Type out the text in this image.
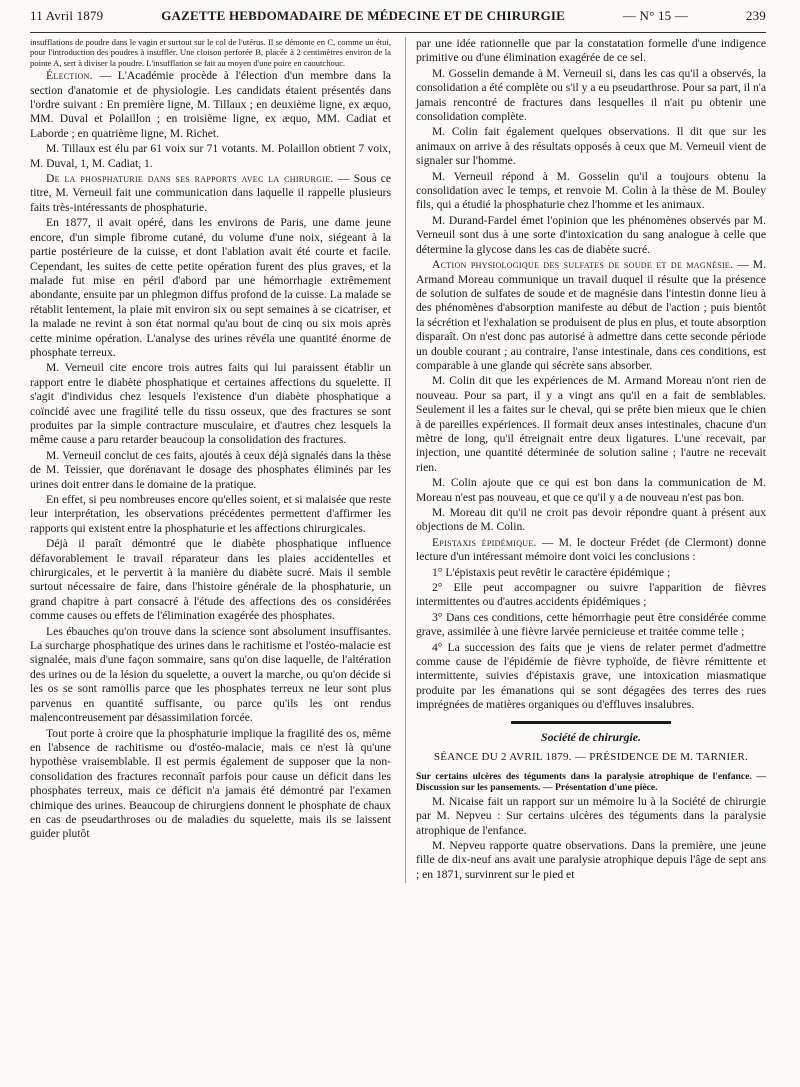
11 Avril 1879	GAZETTE HEBDOMADAIRE DE MÉDECINE ET DE CHIRURGIE	— N° 15 —	239

insufflations de poudre dans le vagin et surtout sur le col de l'utérus. Il se démonte en C, comme un étui, pour l'introduction des poudres à insuffler. Une cloison perforée B, placée à 2 centimètres environ de la pointe A, sert à diviser la poudre. L'insufflation se fait au moyen d'une poire en caoutchouc.

Élection. — L'Académie procède à l'élection d'un membre dans la section d'anatomie et de physiologie. Les candidats étaient présentés dans l'ordre suivant : En première ligne, M. Tillaux ; en deuxième ligne, ex æquo, MM. Duval et Polaillon ; en troisième ligne, ex æquo, MM. Cadiat et Laborde ; en quatrième ligne, M. Richet.

M. Tillaux est élu par 61 voix sur 71 votants. M. Polaillon obtient 7 voix, M. Duval, 1, M. Cadiat, 1.

De la phosphaturie dans ses rapports avec la chirurgie. — Sous ce titre, M. Verneuil fait une communication dans laquelle il rappelle plusieurs faits très-intéressants de phosphaturie.

En 1877, il avait opéré, dans les environs de Paris, une dame jeune encore, d'un simple fibrome cutané, du volume d'une noix, siégeant à la partie postérieure de la cuisse, et dont l'ablation avait été courte et facile. Cependant, les suites de cette petite opération furent des plus graves, et la malade fut mise en péril d'abord par une hémorrhagie extrêmement abondante, ensuite par un phlegmon diffus profond de la cuisse. La malade se rétablit lentement, la plaie mit environ six ou sept semaines à se cicatriser, et la malade ne revint à son état normal qu'au bout de cinq ou six mois après cette minime opération. L'analyse des urines révéla une quantité énorme de phosphate terreux.

M. Verneuil cite encore trois autres faits qui lui paraissent établir un rapport entre le diabète phosphatique et certaines affections du squelette. Il s'agit d'individus chez lesquels l'existence d'un diabète phosphatique a coïncidé avec une fragilité telle du tissu osseux, que des fractures se sont produites par la simple contracture musculaire, et d'autres chez lesquels la même cause a paru retarder beaucoup la consolidation des fractures.

M. Verneuil conclut de ces faits, ajoutés à ceux déjà signalés dans la thèse de M. Teissier, que dorénavant le dosage des phosphates éliminés par les urines doit entrer dans le domaine de la pratique.

En effet, si peu nombreuses encore qu'elles soient, et si malaisée que reste leur interprétation, les observations précédentes permettent d'affirmer les rapports qui existent entre la phosphaturie et les affections chirurgicales.

Déjà il paraît démontré que le diabète phosphatique influence défavorablement le travail réparateur dans les plaies accidentelles et chirurgicales, et le pervertit à la manière du diabète sucré. Mais il semble surtout nécessaire de faire, dans l'histoire générale de la phosphaturie, un grand chapitre à part consacré à l'étude des affections des os considérées comme causes ou effets de l'élimination exagérée des phosphates.

Les ébauches qu'on trouve dans la science sont absolument insuffisantes. La surcharge phosphatique des urines dans le rachitisme et l'ostéo-malacie est signalée, mais d'une façon sommaire, sans qu'on dise laquelle, de l'altération des urines ou de la lésion du squelette, a ouvert la marche, ou qu'on décide si les os se sont ramollis parce que les phosphates terreux ne leur sont plus parvenus en quantité suffisante, ou parce qu'ils les ont rendus malencontreusement par désassimilation forcée.

Tout porte à croire que la phosphaturie implique la fragilité des os, même en l'absence de rachitisme ou d'ostéo-malacie, mais ce n'est là qu'une hypothèse vraisemblable. Il est permis également de supposer que la non-consolidation des fractures reconnaît parfois pour cause un déficit dans les phosphates terreux, mais ce déficit n'a jamais été démontré par l'examen chimique des urines. Beaucoup de chirurgiens donnent le phosphate de chaux en cas de pseudarthroses ou de maladies du squelette, mais ils se laissent guider plutôt

par une idée rationnelle que par la constatation formelle d'une indigence primitive ou d'une élimination exagérée de ce sel.

M. Gosselin demande à M. Verneuil si, dans les cas qu'il a observés, la consolidation a été complète ou s'il y a eu pseudarthrose. Pour sa part, il n'a jamais rencontré de fractures dans lesquelles il n'ait pu obtenir une consolidation complète.

M. Colin fait également quelques observations. Il dit que sur les animaux on arrive à des résultats opposés à ceux que M. Verneuil vient de signaler sur l'homme.

M. Verneuil répond à M. Gosselin qu'il a toujours obtenu la consolidation avec le temps, et renvoie M. Colin à la thèse de M. Bouley fils, qui a étudié la phosphaturie chez l'homme et les animaux.

M. Durand-Fardel émet l'opinion que les phénomènes observés par M. Verneuil sont dus à une sorte d'intoxication du sang analogue à celle que détermine la glycose dans les cas de diabète sucré.

Action physiologique des sulfates de soude et de magnésie. — M. Armand Moreau communique un travail duquel il résulte que la présence de solution de sulfates de soude et de magnésie dans l'intestin donne lieu à des phénomènes d'absorption manifeste au début de l'action ; puis bientôt la sécrétion et l'exhalation se produisent de plus en plus, et toute absorption disparaît. On n'est donc pas autorisé à admettre dans cette seconde période un double courant ; au contraire, l'anse intestinale, dans ces conditions, est comparable à une glande qui sécrète sans absorber.

M. Colin dit que les expériences de M. Armand Moreau n'ont rien de nouveau. Pour sa part, il y a vingt ans qu'il en a fait de semblables. Seulement il les a faites sur le cheval, qui se prête bien mieux que le chien à de pareilles expériences. Il formait deux anses intestinales, chacune d'un mètre de long, qu'il étreignait entre deux ligatures. L'une recevait, par injection, une quantité déterminée de solution saline ; l'autre ne recevait rien.

M. Colin ajoute que ce qui est bon dans la communication de M. Moreau n'est pas nouveau, et que ce qu'il y a de nouveau n'est pas bon.

M. Moreau dit qu'il ne croit pas devoir répondre quant à présent aux objections de M. Colin.

Epistaxis épidémique. — M. le docteur Frédet (de Clermont) donne lecture d'un intéressant mémoire dont voici les conclusions :

1° L'épistaxis peut revêtir le caractère épidémique ;

2° Elle peut accompagner ou suivre l'apparition de fièvres intermittentes ou d'autres accidents épidémiques ;

3° Dans ces conditions, cette hémorrhagie peut être considérée comme grave, assimilée à une fièvre larvée pernicieuse et traitée comme telle ;

4° La succession des faits que je viens de relater permet d'admettre comme cause de l'épidémie de fièvre typhoïde, de fièvre rémittente et intermittente, suivies d'épistaxis grave, une intoxication miasmatique produite par les émanations qui se sont dégagées des terres des rues imprégnées de matières organiques ou d'effluves insalubres.

Société de chirurgie.
SÉANCE DU 2 AVRIL 1879. — PRÉSIDENCE DE M. TARNIER.

Sur certains ulcères des téguments dans la paralysie atrophique de l'enfance. — Discussion sur les pansements. — Présentation d'une pièce.

M. Nicaise fait un rapport sur un mémoire lu à la Société de chirurgie par M. Nepveu : Sur certains ulcères des téguments dans la paralysie atrophique de l'enfance.

M. Nepveu rapporte quatre observations. Dans la première, une jeune fille de dix-neuf ans avait une paralysie atrophique depuis l'âge de sept ans ; en 1871, survinrent sur le pied et
